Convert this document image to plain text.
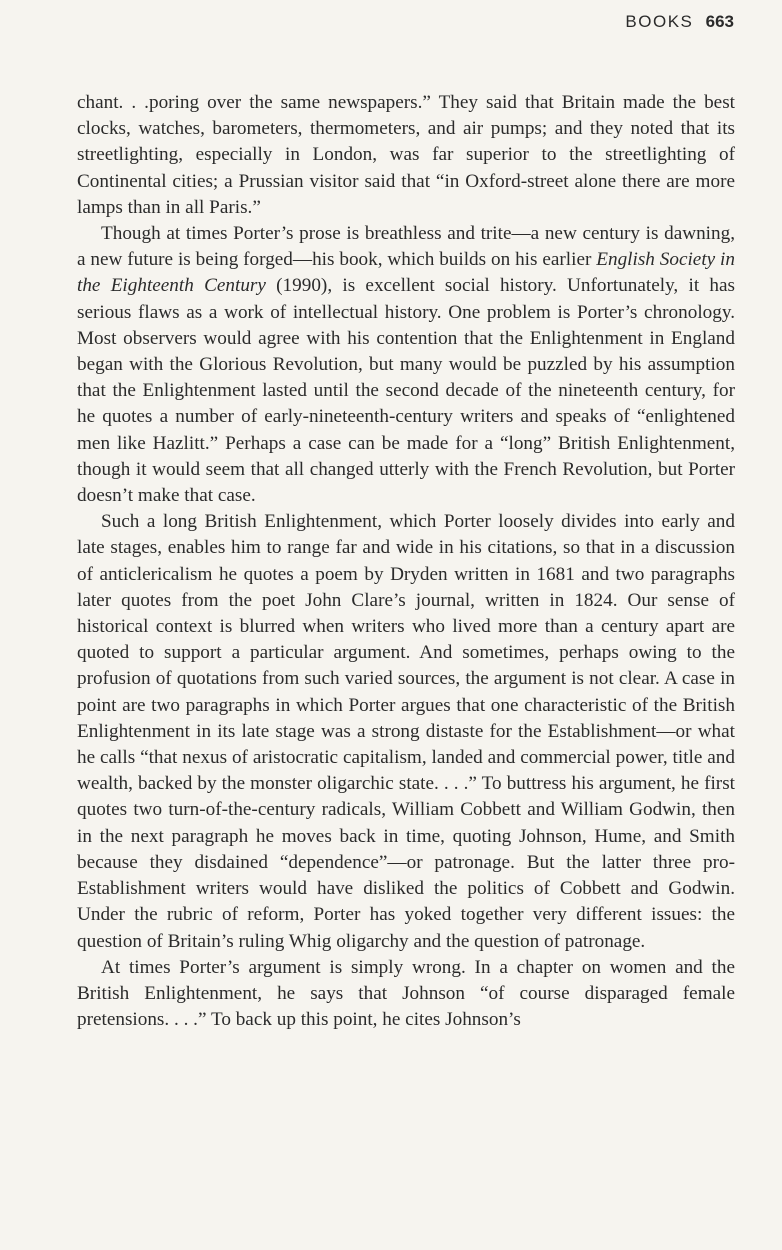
BOOKS 663

chant. . .poring over the same newspapers.” They said that Britain made the best clocks, watches, barometers, thermometers, and air pumps; and they noted that its streetlighting, especially in London, was far superior to the streetlighting of Continental cities; a Prussian visitor said that “in Oxford-street alone there are more lamps than in all Paris.”

Though at times Porter’s prose is breathless and trite—a new century is dawning, a new future is being forged—his book, which builds on his earlier English Society in the Eighteenth Century (1990), is excellent social history. Unfortunately, it has serious flaws as a work of intellectual history. One problem is Porter’s chronology. Most observers would agree with his contention that the Enlightenment in England began with the Glorious Revolution, but many would be puzzled by his assumption that the Enlightenment lasted until the second decade of the nineteenth century, for he quotes a number of early-nineteenth-century writers and speaks of “enlightened men like Hazlitt.” Perhaps a case can be made for a “long” British Enlightenment, though it would seem that all changed utterly with the French Revolution, but Porter doesn’t make that case.

Such a long British Enlightenment, which Porter loosely divides into early and late stages, enables him to range far and wide in his citations, so that in a discussion of anticlericalism he quotes a poem by Dryden written in 1681 and two paragraphs later quotes from the poet John Clare’s journal, written in 1824. Our sense of historical context is blurred when writers who lived more than a century apart are quoted to support a particular argument. And sometimes, perhaps owing to the profusion of quotations from such varied sources, the argument is not clear. A case in point are two paragraphs in which Porter argues that one characteristic of the British Enlightenment in its late stage was a strong distaste for the Establishment—or what he calls “that nexus of aristocratic capitalism, landed and commercial power, title and wealth, backed by the monster oligarchic state. . . .” To buttress his argument, he first quotes two turn-of-the-century radicals, William Cobbett and William Godwin, then in the next paragraph he moves back in time, quoting Johnson, Hume, and Smith because they disdained “dependence”—or patronage. But the latter three pro-Establishment writers would have disliked the politics of Cobbett and Godwin. Under the rubric of reform, Porter has yoked together very different issues: the question of Britain’s ruling Whig oligarchy and the question of patronage.

At times Porter’s argument is simply wrong. In a chapter on women and the British Enlightenment, he says that Johnson “of course disparaged female pretensions. . . .” To back up this point, he cites Johnson’s
